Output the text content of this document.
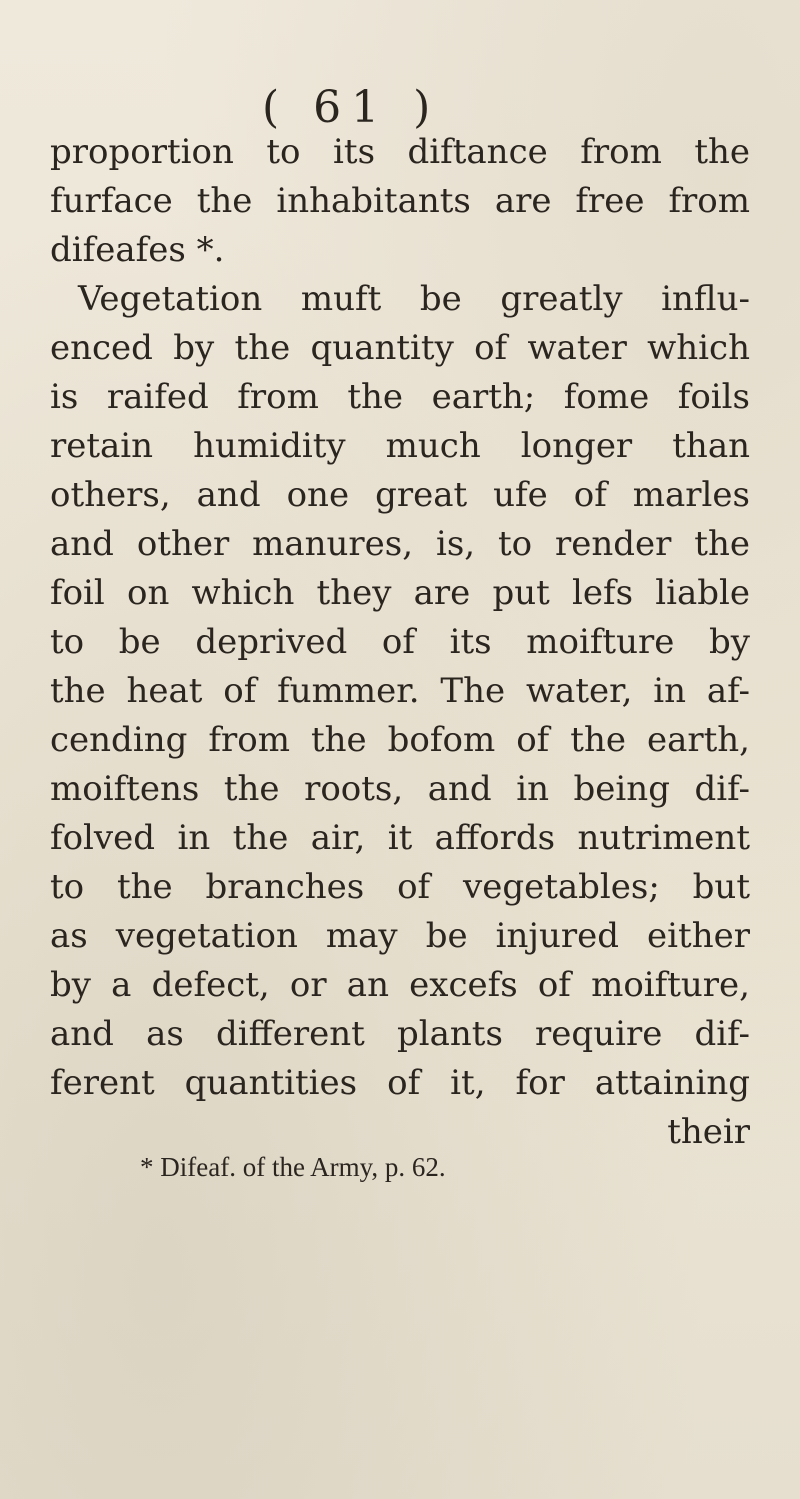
( 61 )
proportion to its diftance from the
furface the inhabitants are free from
difeafes *.
Vegetation muft be greatly influ-
enced by the quantity of water which
is raifed from the earth; fome foils
retain humidity much longer than
others, and one great ufe of marles
and other manures, is, to render the
foil on which they are put lefs liable
to be deprived of its moifture by
the heat of fummer. The water, in af-
cending from the bofom of the earth,
moiftens the roots, and in being dif-
folved in the air, it affords nutriment
to the branches of vegetables; but
as vegetation may be injured either
by a defect, or an excefs of moifture,
and as different plants require dif-
ferent quantities of it, for attaining
their
* Difeaf. of the Army, p. 62.
